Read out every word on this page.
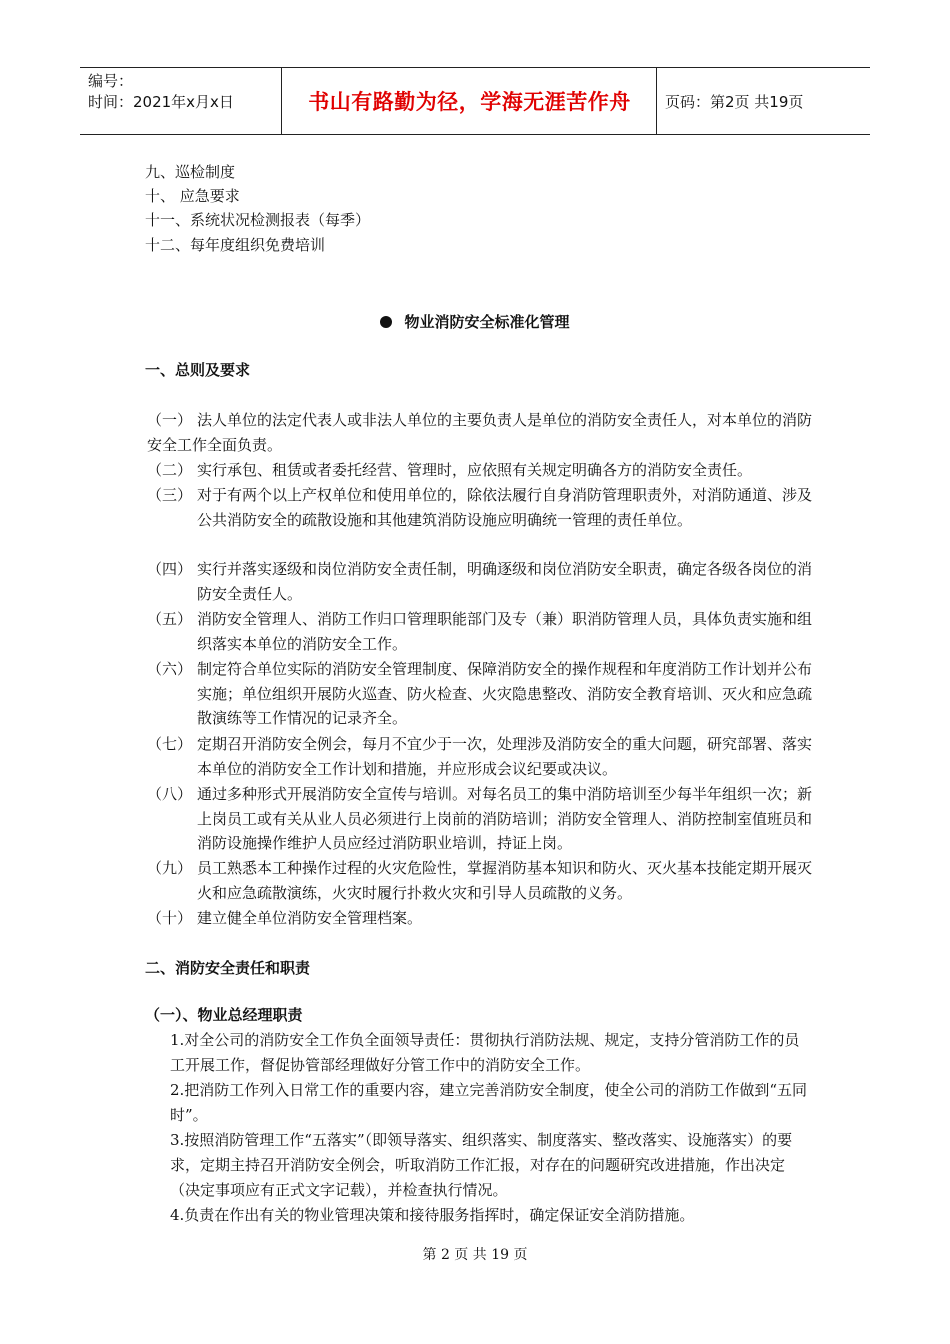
编号：
时间：2021年x月x日	书山有路勤为径，学海无涯苦作舟	页码：第2页 共19页
九、巡检制度
十、 应急要求
十一、系统状况检测报表（每季）
十二、每年度组织免费培训
物业消防安全标准化管理
一、总则及要求
（一） 法人单位的法定代表人或非法人单位的主要负责人是单位的消防安全责任人，对本单位的消防安全工作全面负责。
（二） 实行承包、租赁或者委托经营、管理时，应依照有关规定明确各方的消防安全责任。
（三） 对于有两个以上产权单位和使用单位的，除依法履行自身消防管理职责外，对消防通道、涉及公共消防安全的疏散设施和其他建筑消防设施应明确统一管理的责任单位。
（四） 实行并落实逐级和岗位消防安全责任制，明确逐级和岗位消防安全职责，确定各级各岗位的消防安全责任人。
（五） 消防安全管理人、消防工作归口管理职能部门及专（兼）职消防管理人员，具体负责实施和组织落实本单位的消防安全工作。
（六） 制定符合单位实际的消防安全管理制度、保障消防安全的操作规程和年度消防工作计划并公布实施；单位组织开展防火巡查、防火检查、火灾隐患整改、消防安全教育培训、灭火和应急疏散演练等工作情况的记录齐全。
（七） 定期召开消防安全例会，每月不宜少于一次，处理涉及消防安全的重大问题，研究部署、落实本单位的消防安全工作计划和措施，并应形成会议纪要或决议。
（八） 通过多种形式开展消防安全宣传与培训。对每名员工的集中消防培训至少每半年组织一次；新上岗员工或有关从业人员必须进行上岗前的消防培训；消防安全管理人、消防控制室值班员和消防设施操作维护人员应经过消防职业培训，持证上岗。
（九） 员工熟悉本工种操作过程的火灾危险性，掌握消防基本知识和防火、灭火基本技能定期开展灭火和应急疏散演练，火灾时履行扑救火灾和引导人员疏散的义务。
（十） 建立健全单位消防安全管理档案。
二、消防安全责任和职责
（一）、物业总经理职责
1.对全公司的消防安全工作负全面领导责任：贯彻执行消防法规、规定，支持分管消防工作的员工开展工作，督促协管部经理做好分管工作中的消防安全工作。
2.把消防工作列入日常工作的重要内容，建立完善消防安全制度，使全公司的消防工作做到“五同时”。
3.按照消防管理工作“五落实”（即领导落实、组织落实、制度落实、整改落实、设施落实）的要求，定期主持召开消防安全例会，听取消防工作汇报，对存在的问题研究改进措施，作出决定（决定事项应有正式文字记载），并检查执行情况。
4.负责在作出有关的物业管理决策和接待服务指挥时，确定保证安全消防措施。
第 2 页 共 19 页
